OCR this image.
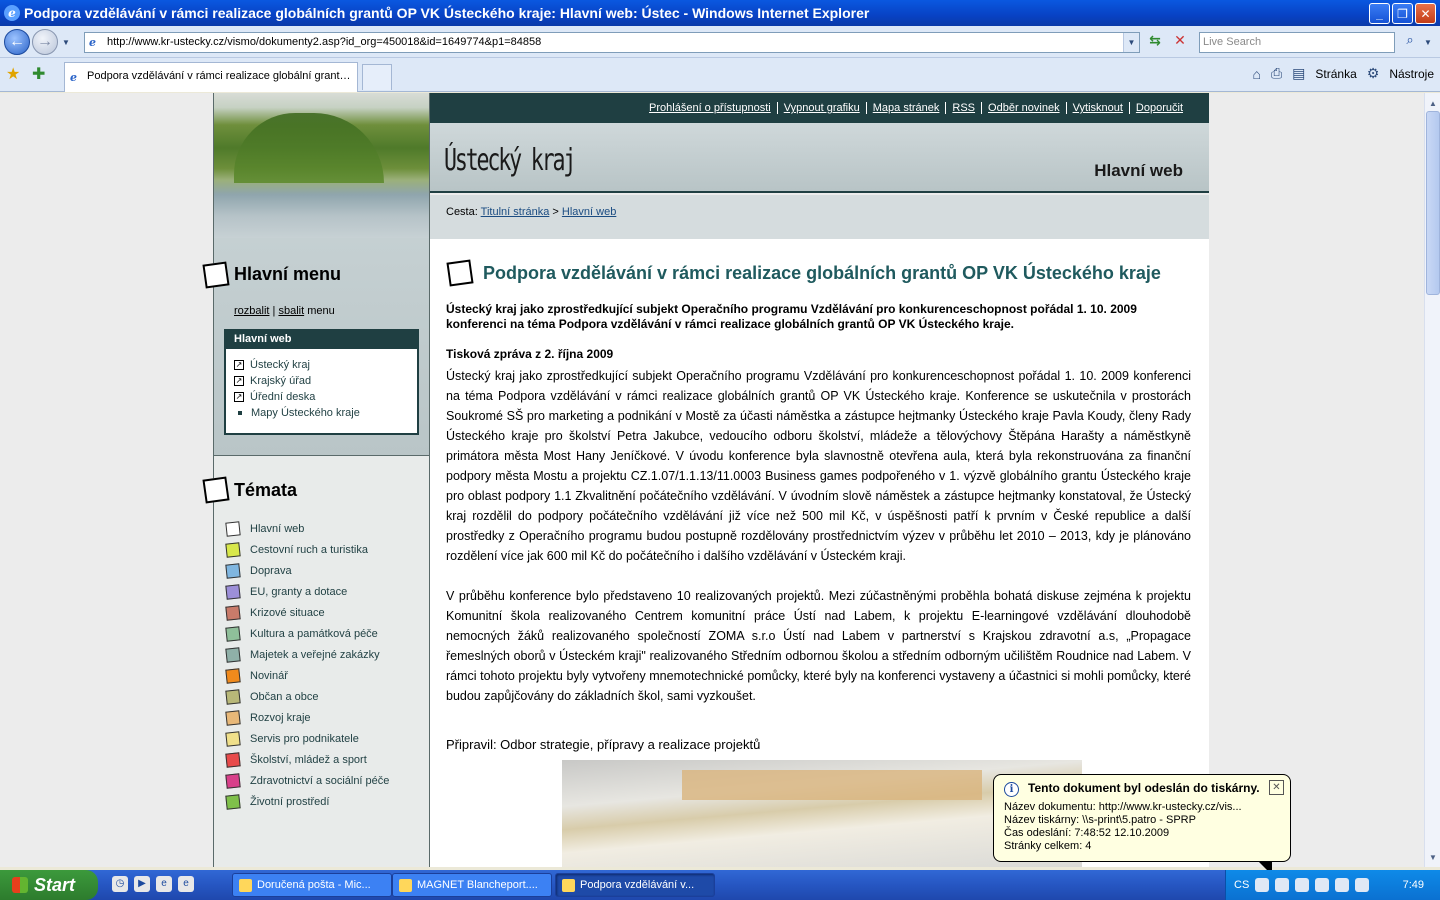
e Podpora vzdělávání v rámci realizace globálních grantů OP VK Ústeckého kraje: Hlavní web: Ústec - Windows Internet Explorer	_	❐	✕
← → ▼ e	http://www.kr-ustecky.cz/vismo/dokumenty2.asp?id_org=450018&id=1649774&p1=84858	▼ ⇆ ✕	Live Search	⌕	▼
★ ✚ e Podpora vzdělávání v rámci realizace globální grant…	⌂ ⎙ ▤ Stránka ⚙ Nástroje
Hlavní menu
rozbalit | sbalit menu
Hlavní web
↗ Ústecký kraj
↗ Krajský úřad
↗ Úřední deska
Mapy Ústeckého kraje
Témata
Hlavní web
Cestovní ruch a turistika
Doprava
EU, granty a dotace
Krizové situace
Kultura a památková péče
Majetek a veřejné zakázky
Novinář
Občan a obce
Rozvoj kraje
Servis pro podnikatele
Školství, mládež a sport
Zdravotnictví a sociální péče
Životní prostředí
Prohlášení o přístupnosti	Vypnout grafiku	Mapa stránek	RSS	Odběr novinek	Vytisknout	Doporučit
Ústecký kraj	Hlavní web
Cesta: Titulní stránka > Hlavní web
Podpora vzdělávání v rámci realizace globálních grantů OP VK Ústeckého kraje
Ústecký kraj jako zprostředkující subjekt Operačního programu Vzdělávání pro konkurenceschopnost pořádal 1. 10. 2009 konferenci na téma Podpora vzdělávání v rámci realizace globálních grantů OP VK Ústeckého kraje.
Tisková zpráva z 2. října 2009

Ústecký kraj jako zprostředkující subjekt Operačního programu Vzdělávání pro konkurenceschopnost pořádal 1. 10. 2009 konferenci na téma Podpora vzdělávání v rámci realizace globálních grantů OP VK Ústeckého kraje. Konference se uskutečnila v prostorách Soukromé SŠ pro marketing a podnikání v Mostě za účasti náměstka a zástupce hejtmanky Ústeckého kraje Pavla Koudy, členy Rady Ústeckého kraje pro školství Petra Jakubce, vedoucího odboru školství, mládeže a tělovýchovy Štěpána Harašty a náměstkyně primátora města Most Hany Jeníčkové. V úvodu konference byla slavnostně otevřena aula, která byla rekonstruována za finanční podpory města Mostu a projektu CZ.1.07/1.1.13/11.0003 Business games podpořeného v 1. výzvě globálního grantu Ústeckého kraje pro oblast podpory 1.1 Zkvalitnění počátečního vzdělávání. V úvodním slově náměstek a zástupce hejtmanky konstatoval, že Ústecký kraj rozdělil do podpory počátečního vzdělávání již více než 500 mil Kč, v úspěšnosti patří k prvním v České republice a další prostředky z Operačního programu budou postupně rozdělovány prostřednictvím výzev v průběhu let 2010 – 2013, kdy je plánováno rozdělení více jak 600 mil Kč do počátečního i dalšího vzdělávání v Ústeckém kraji.

V průběhu konference bylo představeno 10 realizovaných projektů. Mezi zúčastněnými proběhla bohatá diskuse zejména k projektu Komunitní škola realizovaného Centrem komunitní práce Ústí nad Labem, k projektu E-learningové vzdělávání dlouhodobě nemocných žáků realizovaného společností ZOMA s.r.o Ústí nad Labem v partnerství s Krajskou zdravotní a.s, „Propagace řemeslných oborů v Ústeckém kraji" realizovaného Středním odbornou školou a středním odborným učilištěm Roudnice nad Labem. V rámci tohoto projektu byly vytvořeny mnemotechnické pomůcky, které byly na konferenci vystaveny a účastnici si mohli pomůcky, které budou zapůjčovány do základních škol, sami vyzkoušet.

Připravil: Odbor strategie, přípravy a realizace projektů
▲
▼
i	✕
Tento dokument byl odeslán do tiskárny.
Název dokumentu: http://www.kr-ustecky.cz/vis...
Název tiskárny: \\s-print\5.patro - SPRP
Čas odeslání: 7:48:52 12.10.2009
Stránky celkem: 4
Start	◷	▶	e	e	Doručená pošta - Mic...	MAGNET Blancheport....	Podpora vzdělávání v...	CS	7:49
